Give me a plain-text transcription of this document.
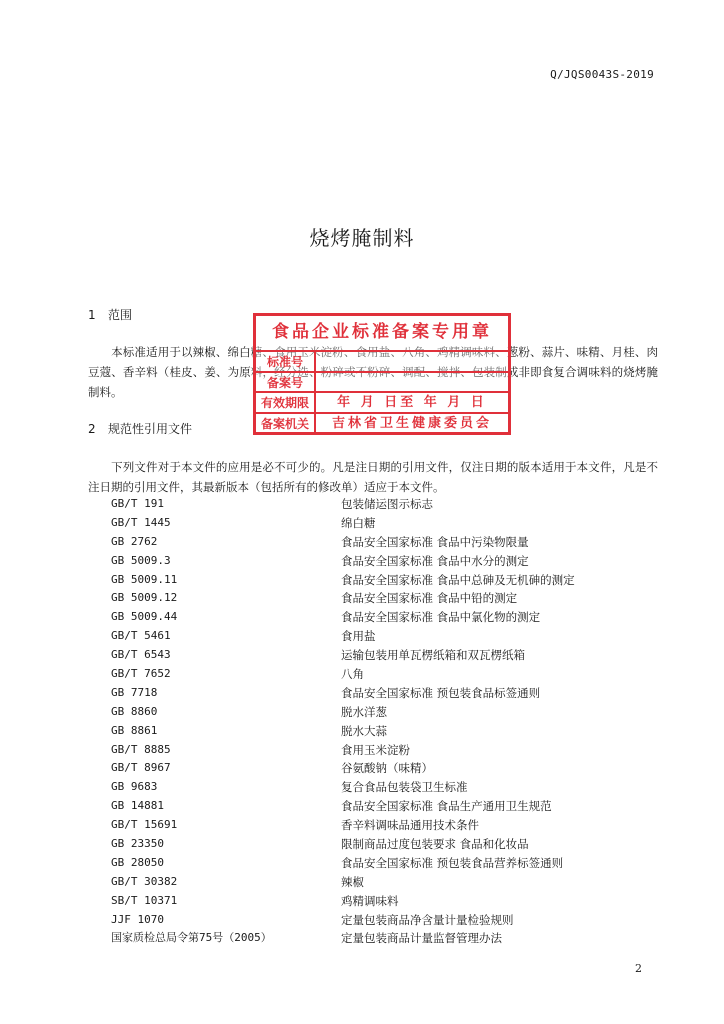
Q/JQS0043S-2019
烧烤腌制料
1 范围
本标准适用于以辣椒、绵白糖、食用玉米淀粉、食用盐、八角、鸡精调味料、葱粉、蒜片、味精、月桂、肉豆蔻、香辛料（桂皮、姜、为原料，经分选、粉碎或不粉碎、调配、搅拌、包装制成非即食复合调味料的烧烤腌制料。
2 规范性引用文件
下列文件对于本文件的应用是必不可少的。凡是注日期的引用文件，仅注日期的版本适用于本文件，凡是不注日期的引用文件，其最新版本（包括所有的修改单）适应于本文件。
GB/T 191	包装储运图示标志
GB/T 1445	绵白糖
GB 2762	食品安全国家标准 食品中污染物限量
GB 5009.3	食品安全国家标准 食品中水分的测定
GB 5009.11	食品安全国家标准 食品中总砷及无机砷的测定
GB 5009.12	食品安全国家标准 食品中铅的测定
GB 5009.44	食品安全国家标准 食品中氯化物的测定
GB/T 5461	食用盐
GB/T 6543	运输包装用单瓦楞纸箱和双瓦楞纸箱
GB/T 7652	八角
GB 7718	食品安全国家标准 预包装食品标签通则
GB 8860	脱水洋葱
GB 8861	脱水大蒜
GB/T 8885	食用玉米淀粉
GB/T 8967	谷氨酸钠（味精）
GB 9683	复合食品包装袋卫生标准
GB 14881	食品安全国家标准 食品生产通用卫生规范
GB/T 15691	香辛料调味品通用技术条件
GB 23350	限制商品过度包装要求 食品和化妆品
GB 28050	食品安全国家标准 预包装食品营养标签通则
GB/T 30382	辣椒
SB/T 10371	鸡精调味料
JJF 1070	定量包装商品净含量计量检验规则
国家质检总局令第75号（2005）	定量包装商品计量监督管理办法
食品企业标准备案专用章
标准号
备案号
有效期限	年 月 日至 年 月 日
备案机关	吉林省卫生健康委员会
2
